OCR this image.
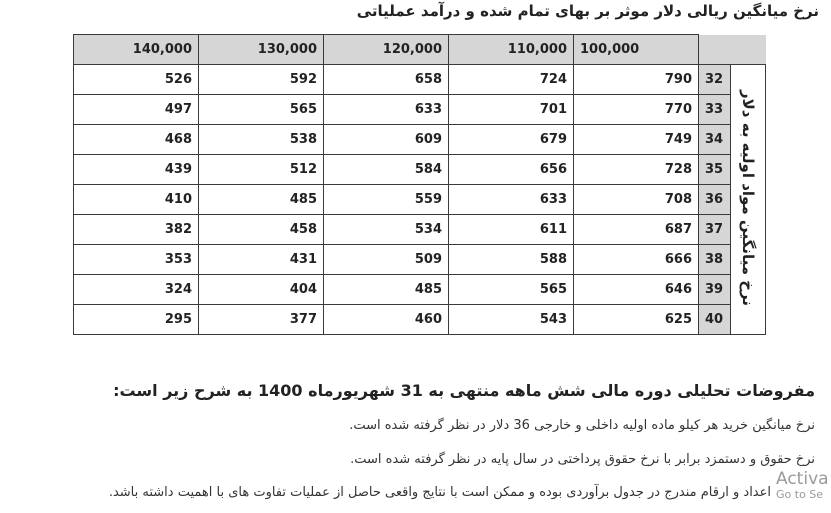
نرخ میانگین ریالی دلار موثر بر بهای تمام شده و درآمد عملیاتی
140,000	130,000	120,000	110,000	100,000		
526	592	658	724	790	32	نرخ میانگین مواد اولیه به دلار
497	565	633	701	770	33	
468	538	609	679	749	34	
439	512	584	656	728	35	
410	485	559	633	708	36	
382	458	534	611	687	37	
353	431	509	588	666	38	
324	404	485	565	646	39	
295	377	460	543	625	40	
مفروضات تحلیلی دوره مالی شش ماهه منتهی به 31 شهریورماه 1400 به شرح زیر است:
نرخ میانگین خرید هر کیلو ماده اولیه داخلی و خارجی 36 دلار در نظر گرفته شده است.
نرخ حقوق و دستمزد برابر با نرخ حقوق پرداختی در سال پایه در نظر گرفته شده است.
اعداد و ارقام مندرج در جدول برآوردی بوده و ممکن است با نتایج واقعی حاصل از عملیات تفاوت های با اهمیت داشته باشد.
Activa
Go to Se
